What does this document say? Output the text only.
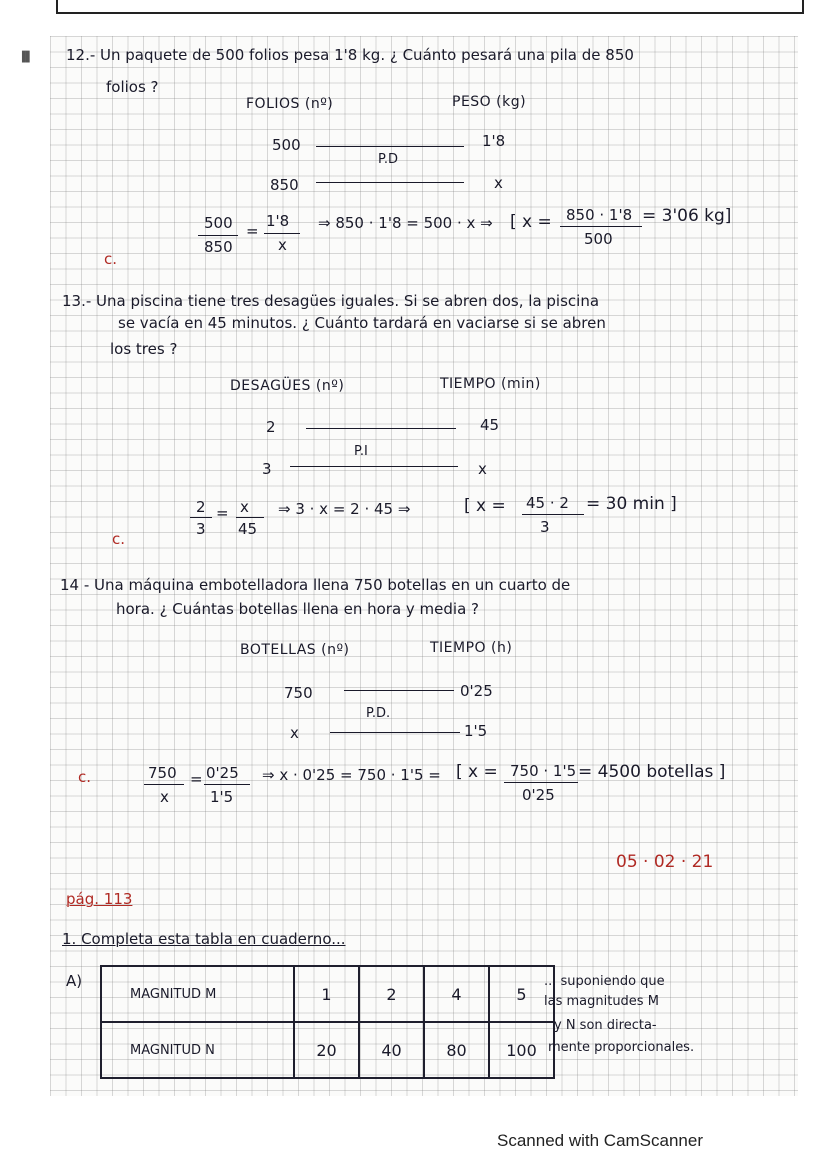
▐▌ 12.- Un paquete de 500 folios pesa 1'8 kg. ¿ Cuánto pesará una pila de 850
folios ?
FOLIOS (nº)	PESO (kg)
500	1'8
P.D
850	x
500
850
=
1'8
x
⇒ 850 · 1'8 = 500 · x ⇒ [ x = 850 · 1'8
500
= 3'06 kg]
c.
13.- Una piscina tiene tres desagües iguales. Si se abren dos, la piscina
se vacía en 45 minutos. ¿ Cuánto tardará en vaciarse si se abren
los tres ?
DESAGÜES (nº)	TIEMPO (min)
2	45
P.I
3	x
2
3
= x
45
⇒ 3 · x = 2 · 45 ⇒	[ x = 45 · 2
3
= 30 min ]
c.
14 - Una máquina embotelladora llena 750 botellas en un cuarto de
hora. ¿ Cuántas botellas llena en hora y media ?
BOTELLAS (nº)	TIEMPO (h)
750	0'25
P.D.
x	1'5
750
x
= 0'25
1'5
⇒ x · 0'25 = 750 · 1'5 = [ x = 750 · 1'5
0'25
= 4500 botellas ]
c.
05 · 02 · 21
pág. 113
1. Completa esta tabla en cuaderno...
A)
MAGNITUD M	1	2	4	5
MAGNITUD N	20	40	80	100
... suponiendo que
las magnitudes M
y N son directa-
mente proporcionales.
Scanned with CamScanner
